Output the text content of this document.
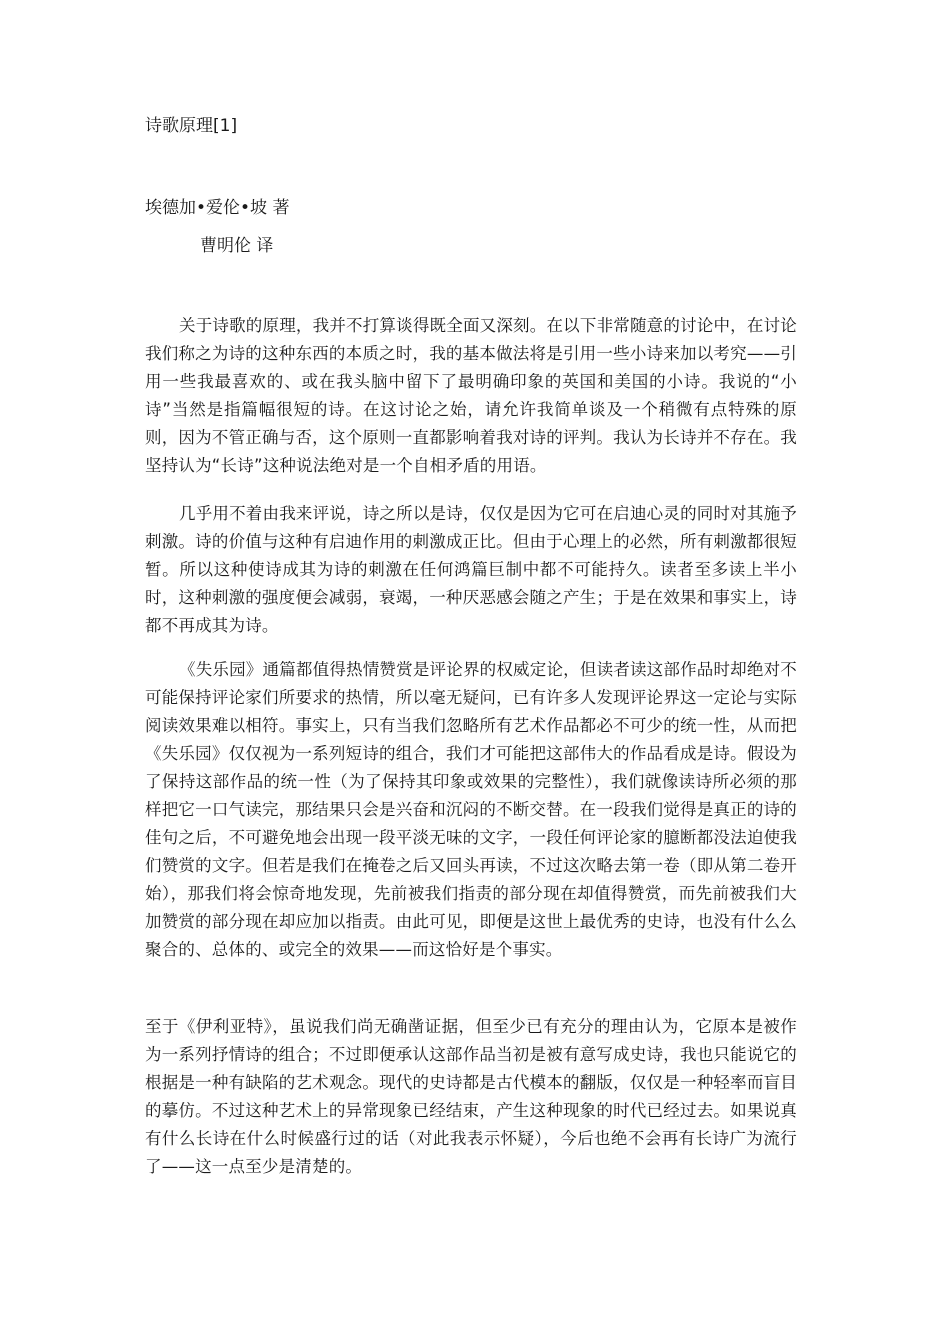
诗歌原理[1]
埃德加•爱伦•坡 著
曹明伦 译

关于诗歌的原理，我并不打算谈得既全面又深刻。在以下非常随意的讨论中，在讨论我们称之为诗的这种东西的本质之时，我的基本做法将是引用一些小诗来加以考究——引用一些我最喜欢的、或在我头脑中留下了最明确印象的英国和美国的小诗。我说的“小诗”当然是指篇幅很短的诗。在这讨论之始，请允许我简单谈及一个稍微有点特殊的原则，因为不管正确与否，这个原则一直都影响着我对诗的评判。我认为长诗并不存在。我坚持认为“长诗”这种说法绝对是一个自相矛盾的用语。

几乎用不着由我来评说，诗之所以是诗，仅仅是因为它可在启迪心灵的同时对其施予刺激。诗的价值与这种有启迪作用的刺激成正比。但由于心理上的必然，所有刺激都很短暂。所以这种使诗成其为诗的刺激在任何鸿篇巨制中都不可能持久。读者至多读上半小时，这种刺激的强度便会减弱，衰竭，一种厌恶感会随之产生；于是在效果和事实上，诗都不再成其为诗。

《失乐园》通篇都值得热情赞赏是评论界的权威定论，但读者读这部作品时却绝对不可能保持评论家们所要求的热情，所以毫无疑问，已有许多人发现评论界这一定论与实际阅读效果难以相符。事实上，只有当我们忽略所有艺术作品都必不可少的统一性，从而把《失乐园》仅仅视为一系列短诗的组合，我们才可能把这部伟大的作品看成是诗。假设为了保持这部作品的统一性（为了保持其印象或效果的完整性），我们就像读诗所必须的那样把它一口气读完，那结果只会是兴奋和沉闷的不断交替。在一段我们觉得是真正的诗的佳句之后，不可避免地会出现一段平淡无味的文字，一段任何评论家的臆断都没法迫使我们赞赏的文字。但若是我们在掩卷之后又回头再读，不过这次略去第一卷（即从第二卷开始），那我们将会惊奇地发现，先前被我们指责的部分现在却值得赞赏，而先前被我们大加赞赏的部分现在却应加以指责。由此可见，即便是这世上最优秀的史诗，也没有什么么聚合的、总体的、或完全的效果——而这恰好是个事实。

至于《伊利亚特》，虽说我们尚无确凿证据，但至少已有充分的理由认为，它原本是被作为一系列抒情诗的组合；不过即便承认这部作品当初是被有意写成史诗，我也只能说它的根据是一种有缺陷的艺术观念。现代的史诗都是古代模本的翻版，仅仅是一种轻率而盲目的摹仿。不过这种艺术上的异常现象已经结束，产生这种现象的时代已经过去。如果说真有什么长诗在什么时候盛行过的话（对此我表示怀疑），今后也绝不会再有长诗广为流行了——这一点至少是清楚的。
